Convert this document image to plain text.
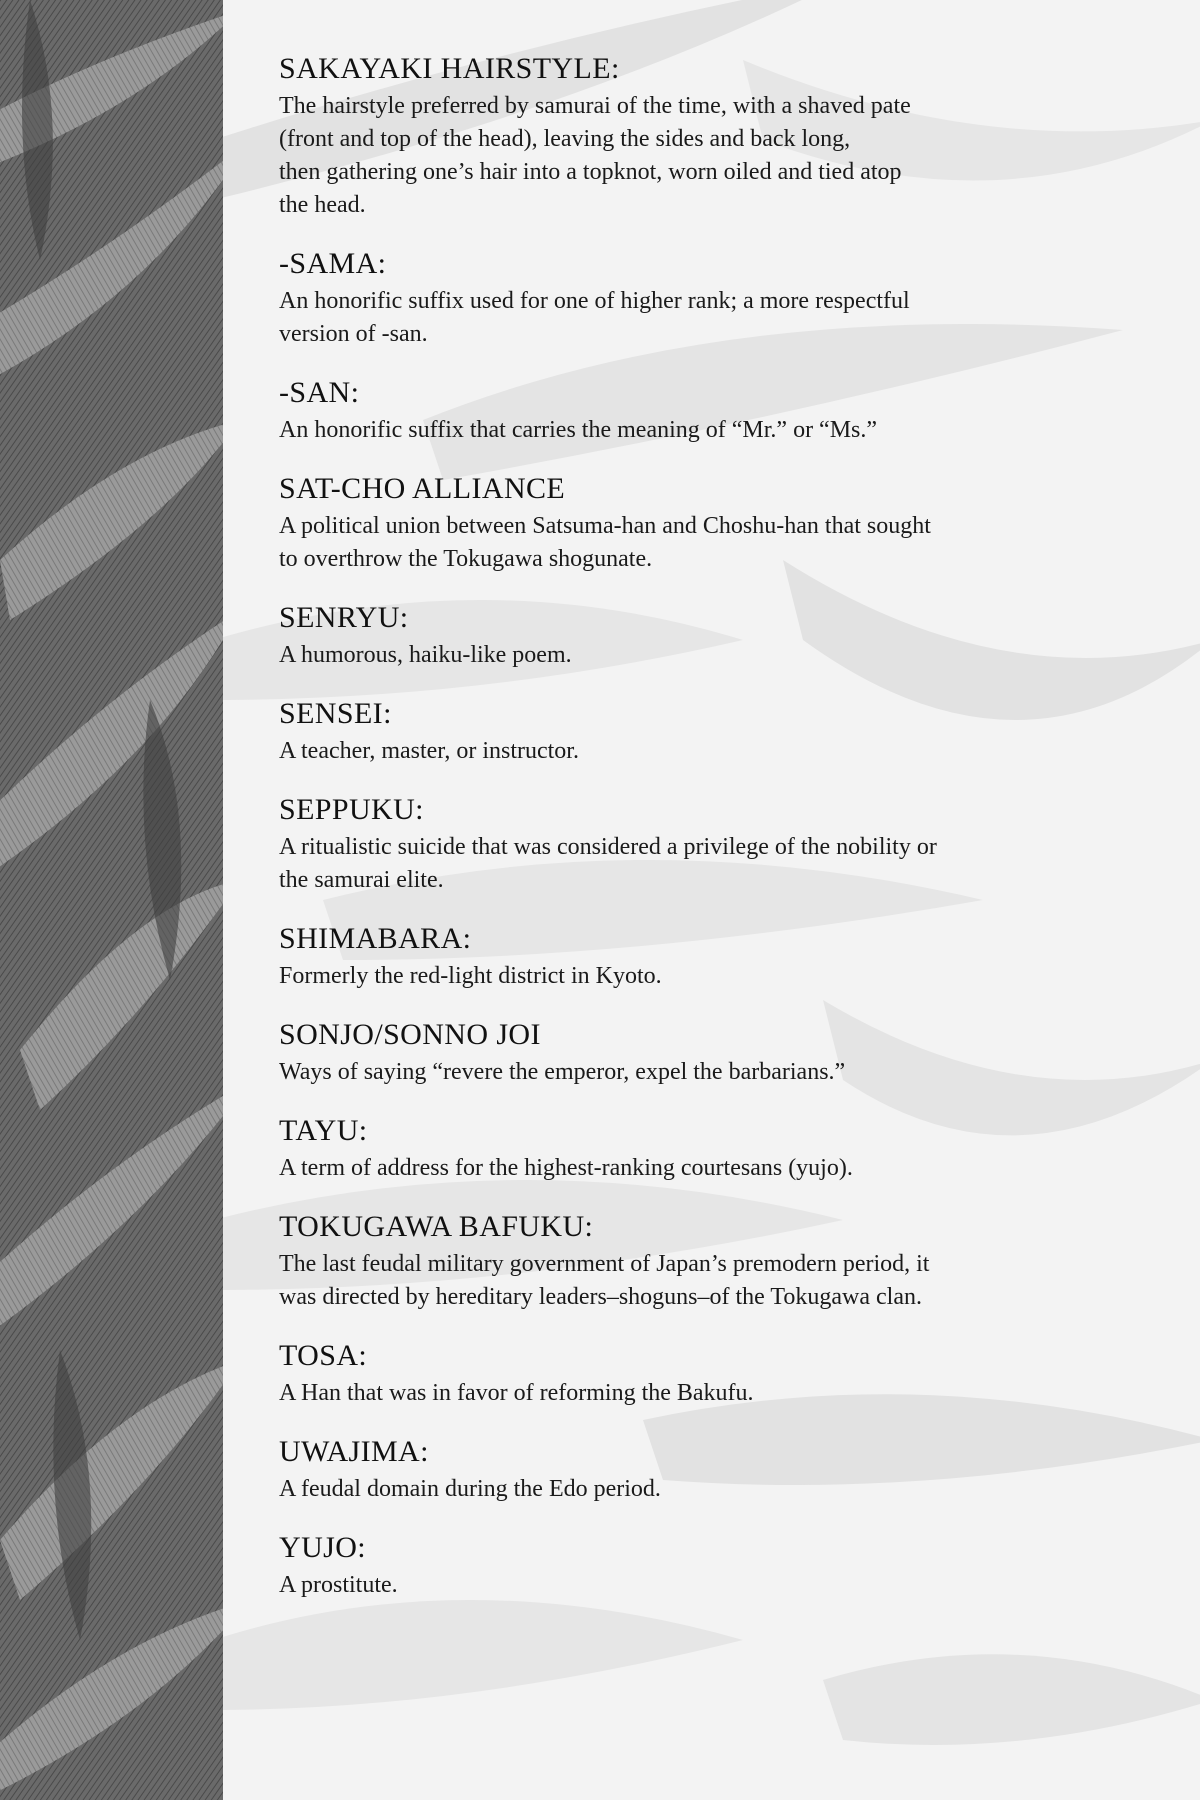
SAKAYAKI HAIRSTYLE:
The hairstyle preferred by samurai of the time, with a shaved pate
(front and top of the head), leaving the sides and back long,
then gathering one’s hair into a topknot, worn oiled and tied atop
the head.
-SAMA:
An honorific suffix used for one of higher rank; a more respectful
version of -san.
-SAN:
An honorific suffix that carries the meaning of “Mr.” or “Ms.”
SAT-CHO ALLIANCE
A political union between Satsuma-han and Choshu-han that sought
to overthrow the Tokugawa shogunate.
SENRYU:
A humorous, haiku-like poem.
SENSEI:
A teacher, master, or instructor.
SEPPUKU:
A ritualistic suicide that was considered a privilege of the nobility or
the samurai elite.
SHIMABARA:
Formerly the red-light district in Kyoto.
SONJO/SONNO JOI
Ways of saying “revere the emperor, expel the barbarians.”
TAYU:
A term of address for the highest-ranking courtesans (yujo).
TOKUGAWA BAFUKU:
The last feudal military government of Japan’s premodern period, it
was directed by hereditary leaders–shoguns–of the Tokugawa clan.
TOSA:
A Han that was in favor of reforming the Bakufu.
UWAJIMA:
A feudal domain during the Edo period.
YUJO:
A prostitute.
